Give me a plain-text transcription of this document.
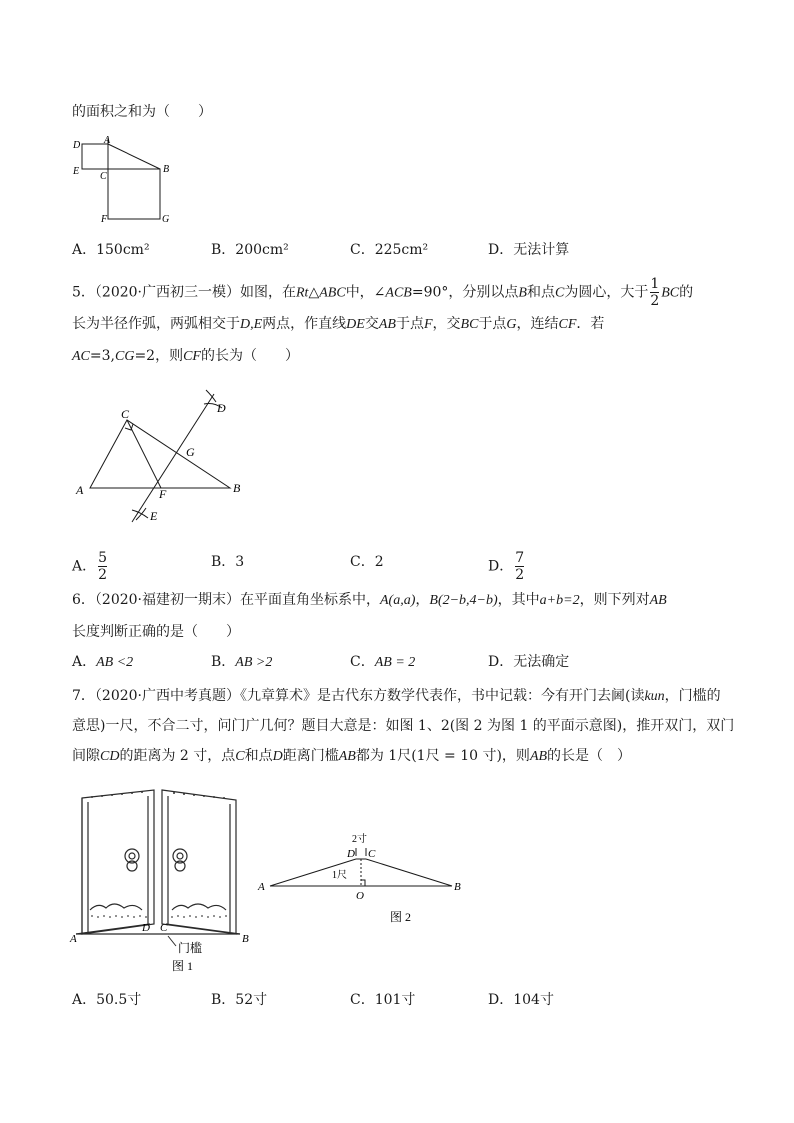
的面积之和为（　　）
A
D
E C
B
F	G
A．150cm²	B．200cm²	C．225cm²	D．无法计算
5．（2020·广西初三一模）如图，在Rt△ABC中，∠ACB=90°，分别以点B和点C为圆心，大于 $\frac{1}{2}$ BC的
长为半径作弧，两弧相交于D,E两点，作直线DE交AB于点F，交BC于点G，连结CF．若
AC=3,CG=2，则CF的长为（　　）
C	D
G
A	F	B
E
A． $\frac{5}{2}$	B．3	C．2	D． $\frac{7}{2}$
6．（2020·福建初一期末）在平面直角坐标系中，A(a,a)，B(2−b,4−b)，其中a+b=2，则下列对AB
长度判断正确的是（　　）
A．AB <2	B．AB >2	C．AB = 2	D．无法确定
7．（2020·广西中考真题）《九章算术》是古代东方数学代表作，书中记载：今有开门去阃(读kun，门槛的
意思)一尺，不合二寸，问门广几何？题目大意是：如图 1、2(图 2 为图 1 的平面示意图)，推开双门，双门
间隙CD的距离为 2 寸，点C和点D距离门槛AB都为 1尺(1尺 = 10 寸)，则AB的长是（　）
A
D C
B
门槛
图 1
2寸
D C
1尺
A
O
B
图 2
A．50.5寸	B．52寸	C．101寸	D．104寸
